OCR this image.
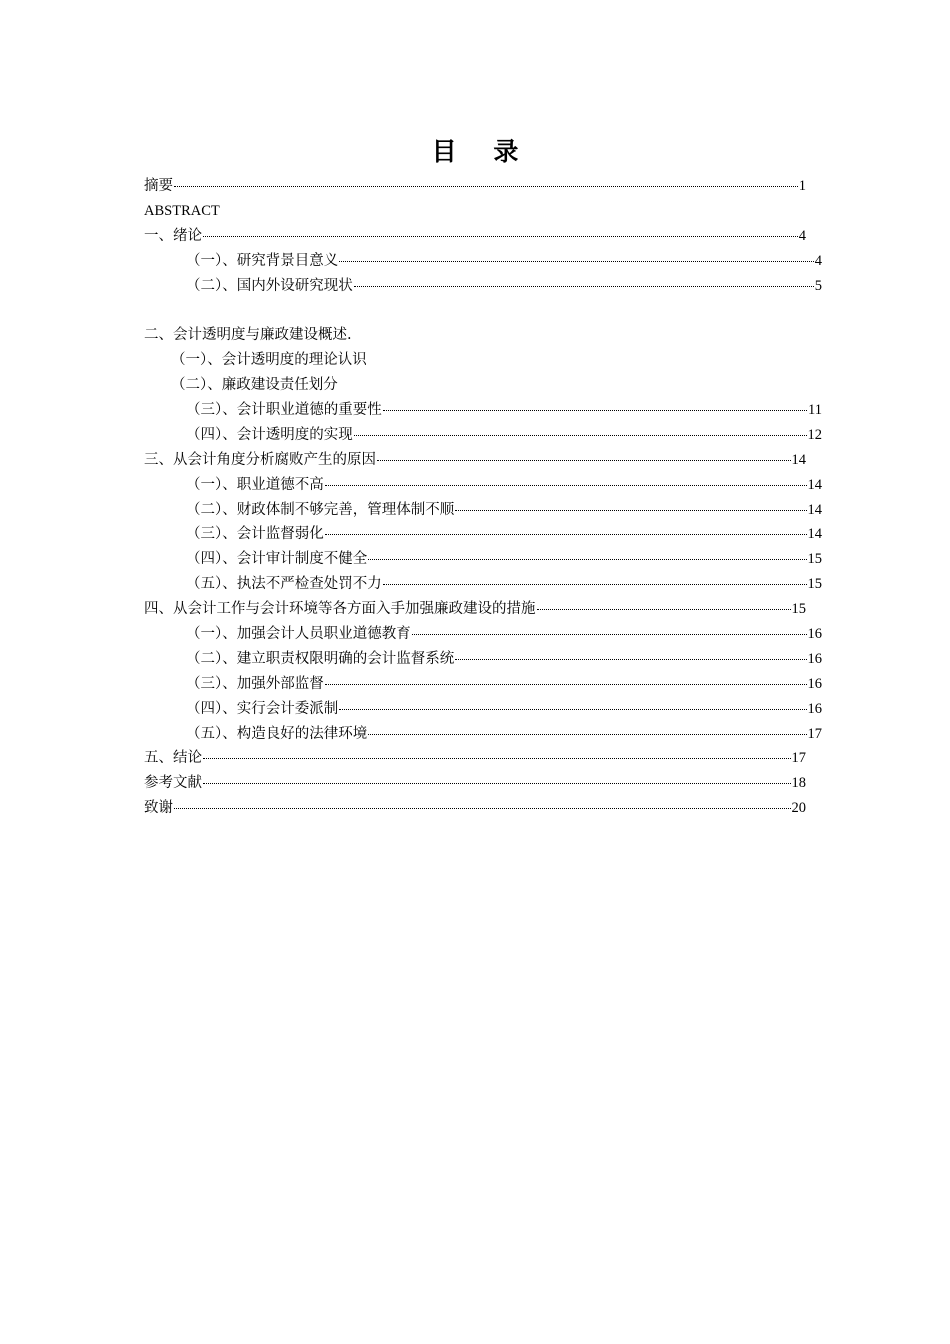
目 录
摘要	1
ABSTRACT
一、绪论	4
（一）、研究背景目意义	4
（二）、国内外设研究现状	5
二、会计透明度与廉政建设概述.
（一）、会计透明度的理论认识
（二）、廉政建设责任划分
（三）、会计职业道德的重要性	11
（四）、会计透明度的实现	12
三、从会计角度分析腐败产生的原因	14
（一）、职业道德不高	14
（二）、财政体制不够完善，管理体制不顺	14
（三）、会计监督弱化	14
（四）、会计审计制度不健全	15
（五）、执法不严检查处罚不力	15
四、从会计工作与会计环境等各方面入手加强廉政建设的措施	15
（一）、加强会计人员职业道德教育	16
（二）、建立职责权限明确的会计监督系统	16
（三）、加强外部监督	16
（四）、实行会计委派制	16
（五）、构造良好的法律环境	17
五、结论	17
参考文献	18
致谢	20
